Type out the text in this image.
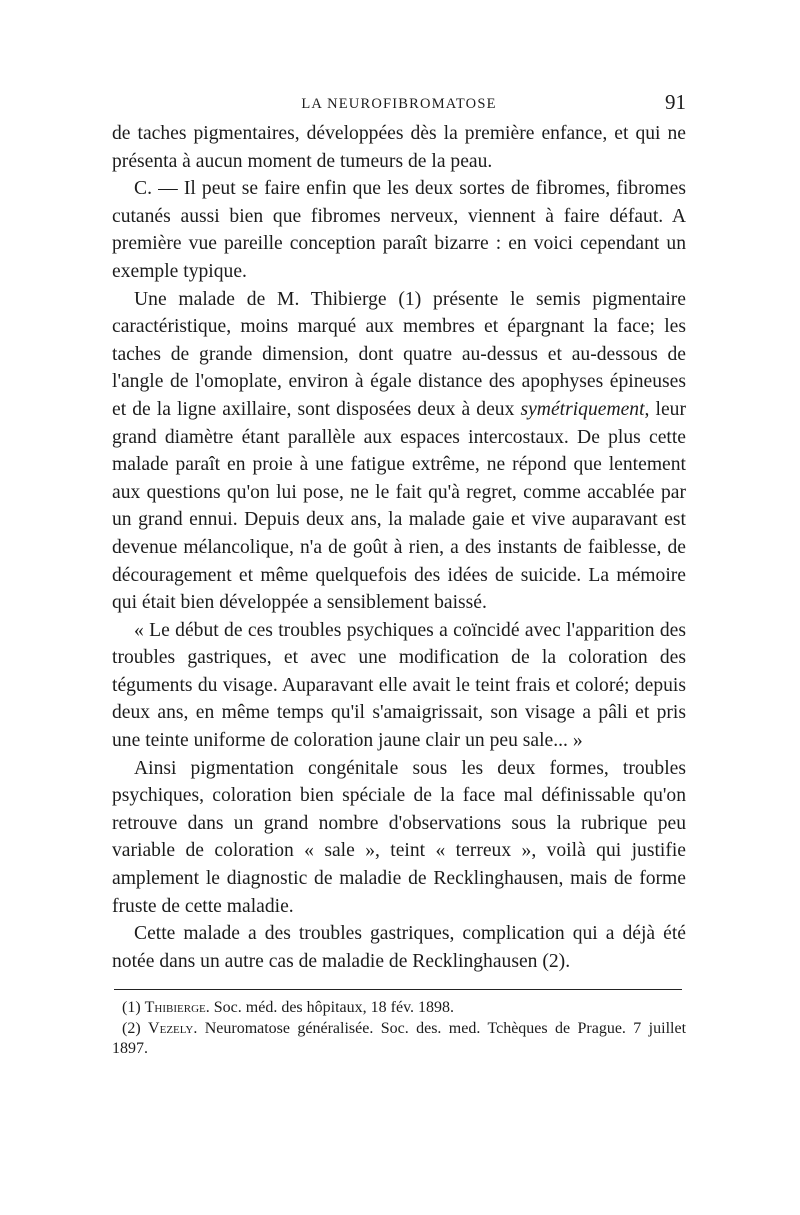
LA NEUROFIBROMATOSE	91

de taches pigmentaires, développées dès la première enfance, et qui ne présenta à aucun moment de tumeurs de la peau.

C. — Il peut se faire enfin que les deux sortes de fibromes, fibromes cutanés aussi bien que fibromes nerveux, viennent à faire défaut. A première vue pareille conception paraît bizarre : en voici cependant un exemple typique.

Une malade de M. Thibierge (1) présente le semis pigmentaire caractéristique, moins marqué aux membres et épargnant la face; les taches de grande dimension, dont quatre au-dessus et au-dessous de l'angle de l'omoplate, environ à égale distance des apophyses épineuses et de la ligne axillaire, sont disposées deux à deux symétriquement, leur grand diamètre étant parallèle aux espaces intercostaux. De plus cette malade paraît en proie à une fatigue extrême, ne répond que lentement aux questions qu'on lui pose, ne le fait qu'à regret, comme accablée par un grand ennui. Depuis deux ans, la malade gaie et vive auparavant est devenue mélancolique, n'a de goût à rien, a des instants de faiblesse, de découragement et même quelquefois des idées de suicide. La mémoire qui était bien développée a sensiblement baissé.

« Le début de ces troubles psychiques a coïncidé avec l'apparition des troubles gastriques, et avec une modification de la coloration des téguments du visage. Auparavant elle avait le teint frais et coloré; depuis deux ans, en même temps qu'il s'amaigrissait, son visage a pâli et pris une teinte uniforme de coloration jaune clair un peu sale... »

Ainsi pigmentation congénitale sous les deux formes, troubles psychiques, coloration bien spéciale de la face mal définissable qu'on retrouve dans un grand nombre d'observations sous la rubrique peu variable de coloration « sale », teint « terreux », voilà qui justifie amplement le diagnostic de maladie de Recklinghausen, mais de forme fruste de cette maladie.

Cette malade a des troubles gastriques, complication qui a déjà été notée dans un autre cas de maladie de Recklinghausen (2).

(1) Thibierge. Soc. méd. des hôpitaux, 18 fév. 1898.

(2) Vezely. Neuromatose généralisée. Soc. des. med. Tchèques de Prague. 7 juillet 1897.
